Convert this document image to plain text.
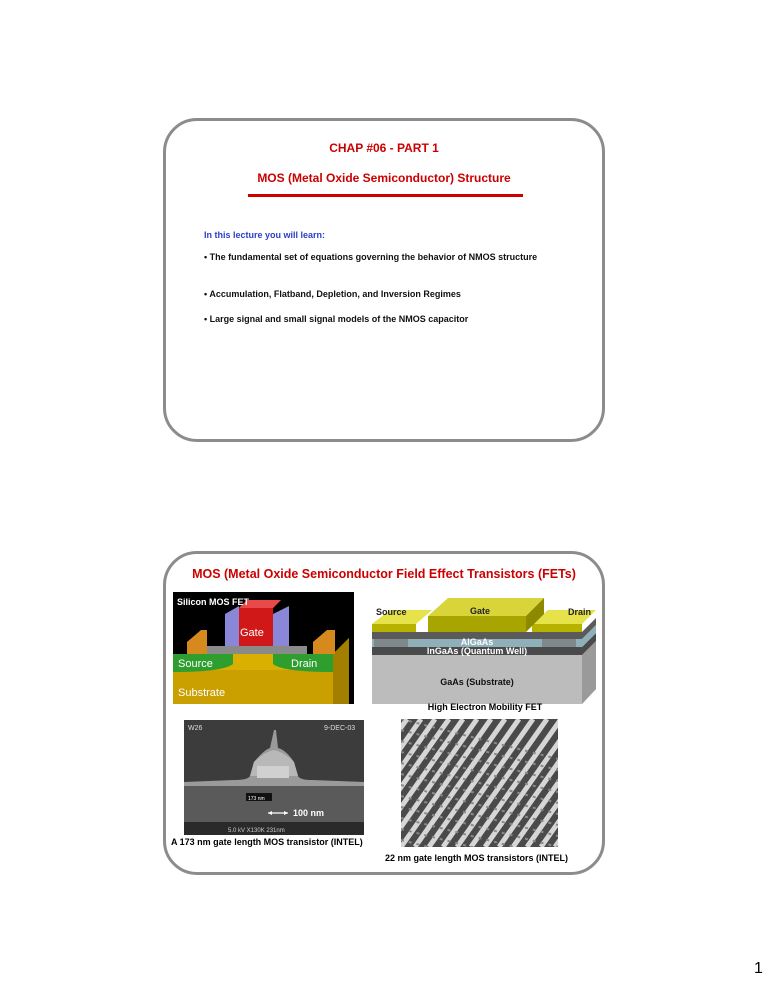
CHAP #06 - PART 1
MOS (Metal Oxide Semiconductor) Structure
In this lecture you will learn:
• The fundamental set of equations governing the behavior of NMOS structure
• Accumulation, Flatband, Depletion, and Inversion Regimes
• Large signal and small signal models of the NMOS capacitor
MOS (Metal Oxide Semiconductor Field Effect Transistors (FETs)
Silicon MOS FET
Gate
Source	Drain
Substrate
Source	Gate	Drain
AlGaAs
InGaAs (Quantum Well)
GaAs (Substrate)
High Electron Mobility FET
W26	9-DEC-03
173 nm
100 nm
5.0 kV X130K 231nm
A 173 nm gate length MOS transistor (INTEL)
22 nm gate length MOS transistors (INTEL)
1
